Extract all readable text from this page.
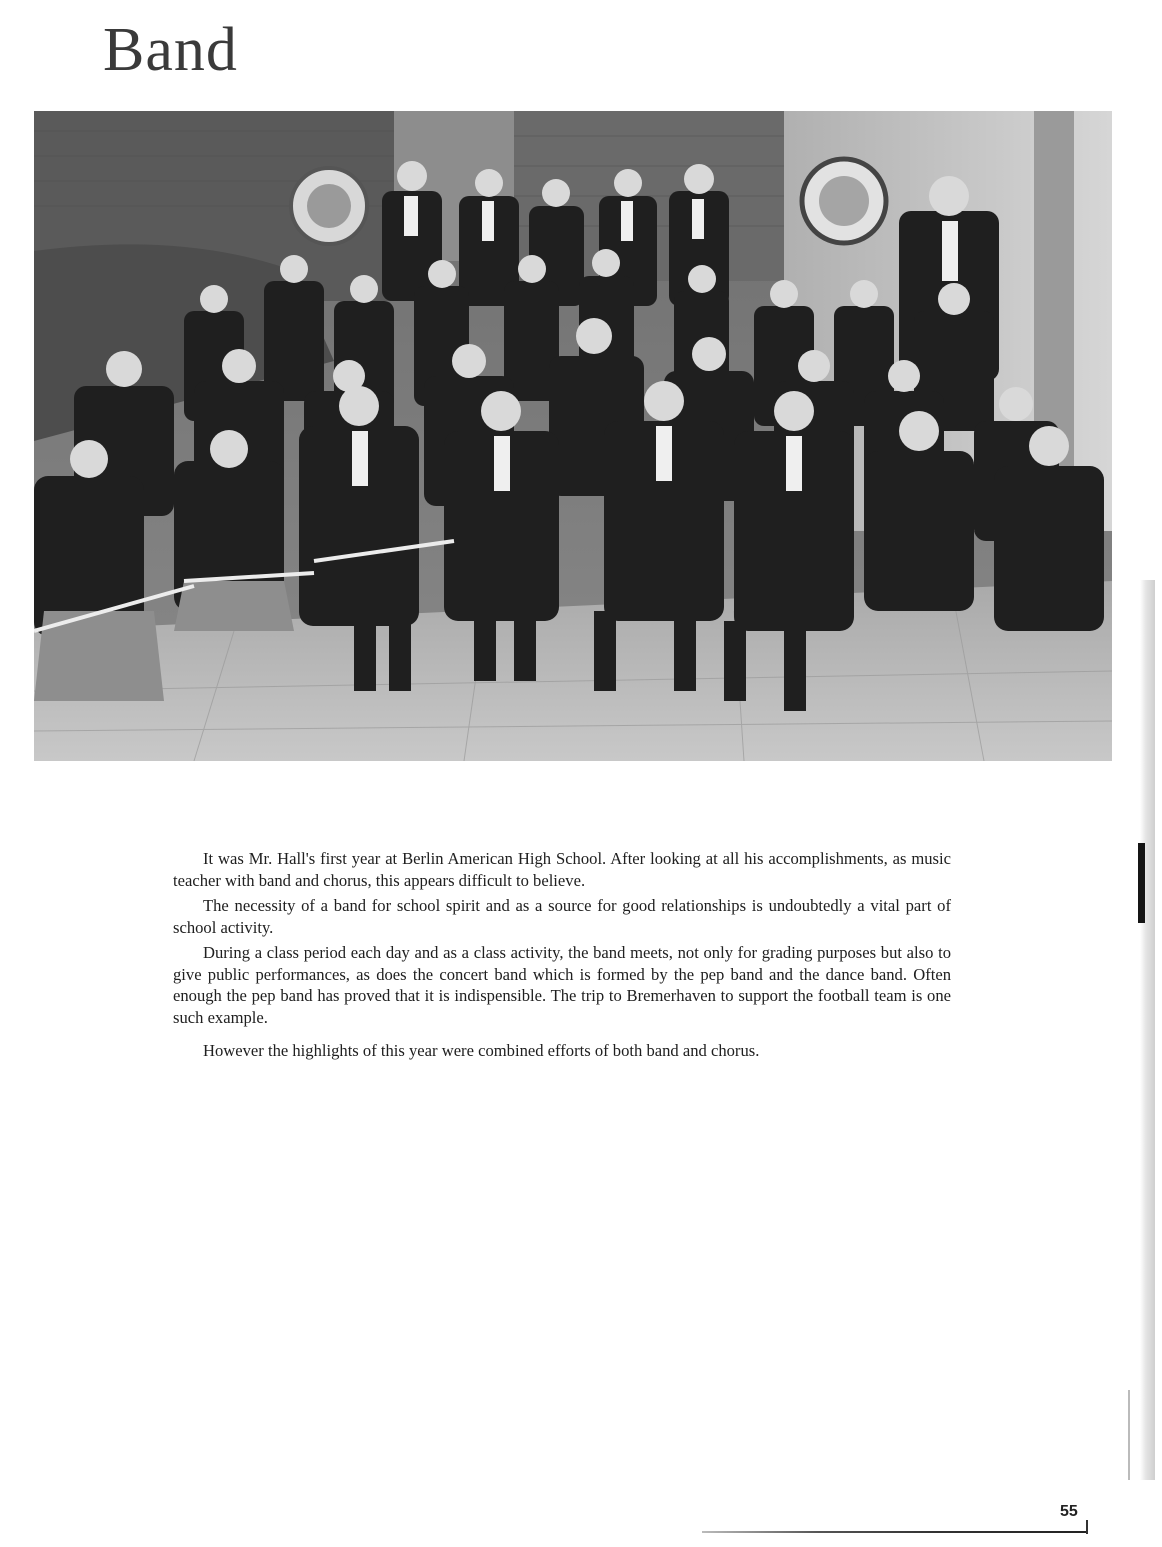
Band

It was Mr. Hall's first year at Berlin American High School. After looking at all his accomplishments, as music teacher with band and chorus, this appears difficult to believe.

The necessity of a band for school spirit and as a source for good relationships is undoubtedly a vital part of school activity.

During a class period each day and as a class activity, the band meets, not only for grading purposes but also to give public performances, as does the concert band which is formed by the pep band and the dance band. Often enough the pep band has proved that it is indispensible. The trip to Bremerhaven to support the football team is one such example.

However the highlights of this year were combined efforts of both band and chorus.

55
